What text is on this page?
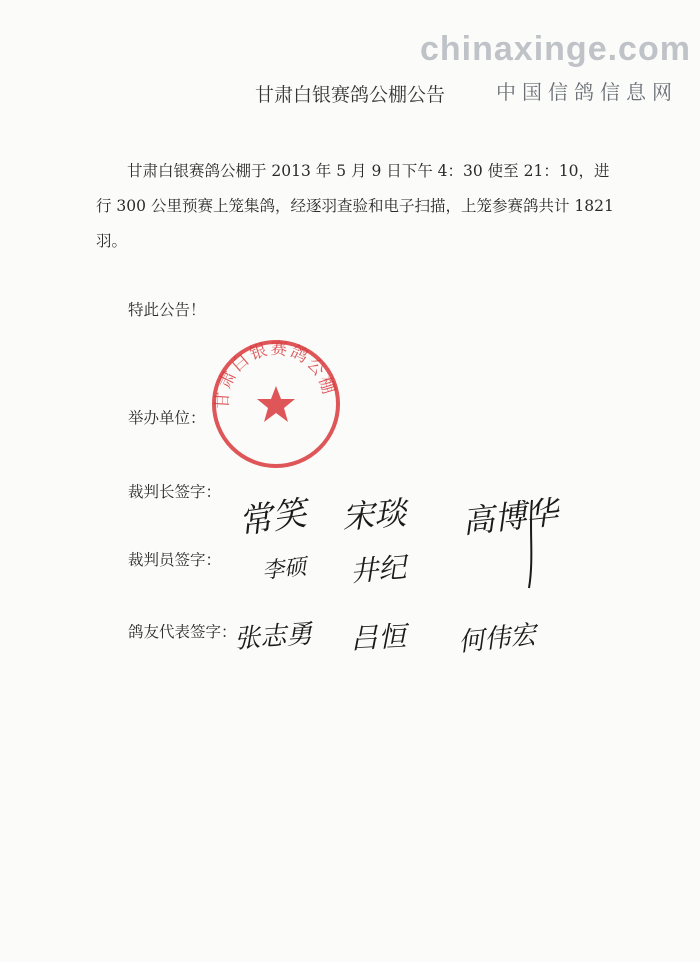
chinaxinge.com
中国信鸽信息网
甘肃白银赛鸽公棚公告
甘肃白银赛鸽公棚于 2013 年 5 月 9 日下午 4：30 使至 21：10，进行 300 公里预赛上笼集鸽，经逐羽查验和电子扫描，上笼参赛鸽共计 1821 羽。
特此公告！
举办单位：
甘肃白银赛鸽公棚
裁判长签字：
裁判员签字：
鸽友代表签字：
常笑 宋琰 高博华
李硕 井纪
张志勇 吕恒 何伟宏
